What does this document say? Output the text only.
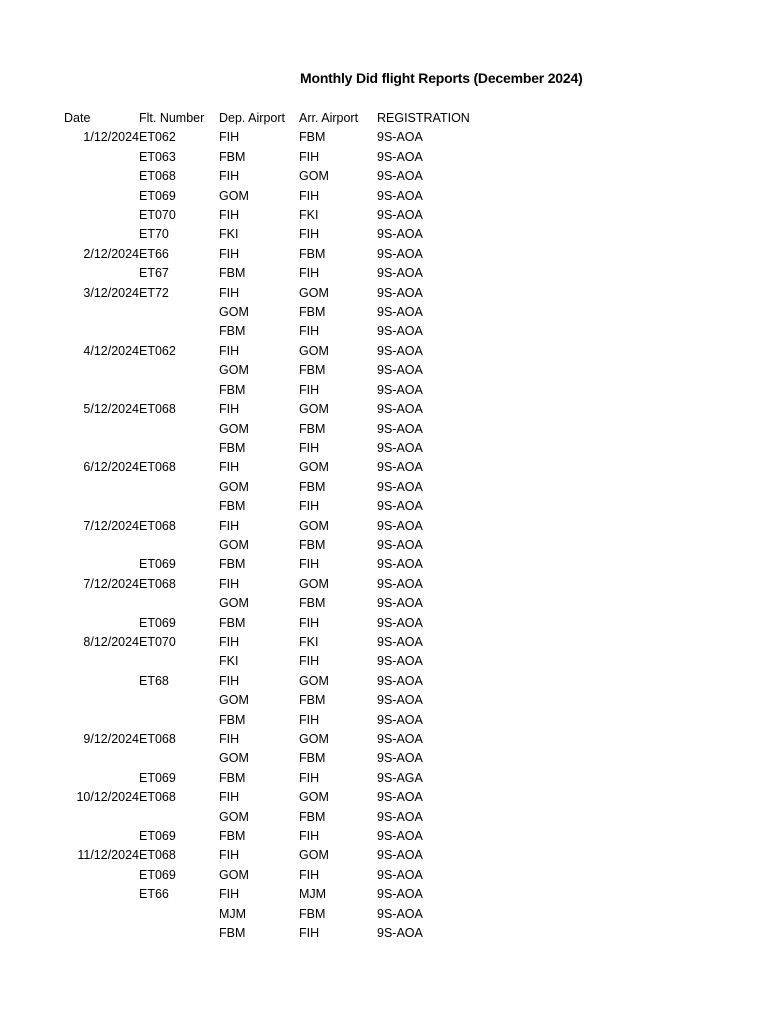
Monthly Did flight Reports (December 2024)
Date	Flt. Number	Dep. Airport	Arr. Airport	REGISTRATION
1/12/2024	ET062	FIH	FBM	9S-AOA
	ET063	FBM	FIH	9S-AOA
	ET068	FIH	GOM	9S-AOA
	ET069	GOM	FIH	9S-AOA
	ET070	FIH	FKI	9S-AOA
	ET70	FKI	FIH	9S-AOA
2/12/2024	ET66	FIH	FBM	9S-AOA
	ET67	FBM	FIH	9S-AOA
3/12/2024	ET72	FIH	GOM	9S-AOA
		GOM	FBM	9S-AOA
		FBM	FIH	9S-AOA
4/12/2024	ET062	FIH	GOM	9S-AOA
		GOM	FBM	9S-AOA
		FBM	FIH	9S-AOA
5/12/2024	ET068	FIH	GOM	9S-AOA
		GOM	FBM	9S-AOA
		FBM	FIH	9S-AOA
6/12/2024	ET068	FIH	GOM	9S-AOA
		GOM	FBM	9S-AOA
		FBM	FIH	9S-AOA
7/12/2024	ET068	FIH	GOM	9S-AOA
		GOM	FBM	9S-AOA
	ET069	FBM	FIH	9S-AOA
7/12/2024	ET068	FIH	GOM	9S-AOA
		GOM	FBM	9S-AOA
	ET069	FBM	FIH	9S-AOA
8/12/2024	ET070	FIH	FKI	9S-AOA
		FKI	FIH	9S-AOA
	ET68	FIH	GOM	9S-AOA
		GOM	FBM	9S-AOA
		FBM	FIH	9S-AOA
9/12/2024	ET068	FIH	GOM	9S-AOA
		GOM	FBM	9S-AOA
	ET069	FBM	FIH	9S-AGA
10/12/2024	ET068	FIH	GOM	9S-AOA
		GOM	FBM	9S-AOA
	ET069	FBM	FIH	9S-AOA
11/12/2024	ET068	FIH	GOM	9S-AOA
	ET069	GOM	FIH	9S-AOA
	ET66	FIH	MJM	9S-AOA
		MJM	FBM	9S-AOA
		FBM	FIH	9S-AOA
